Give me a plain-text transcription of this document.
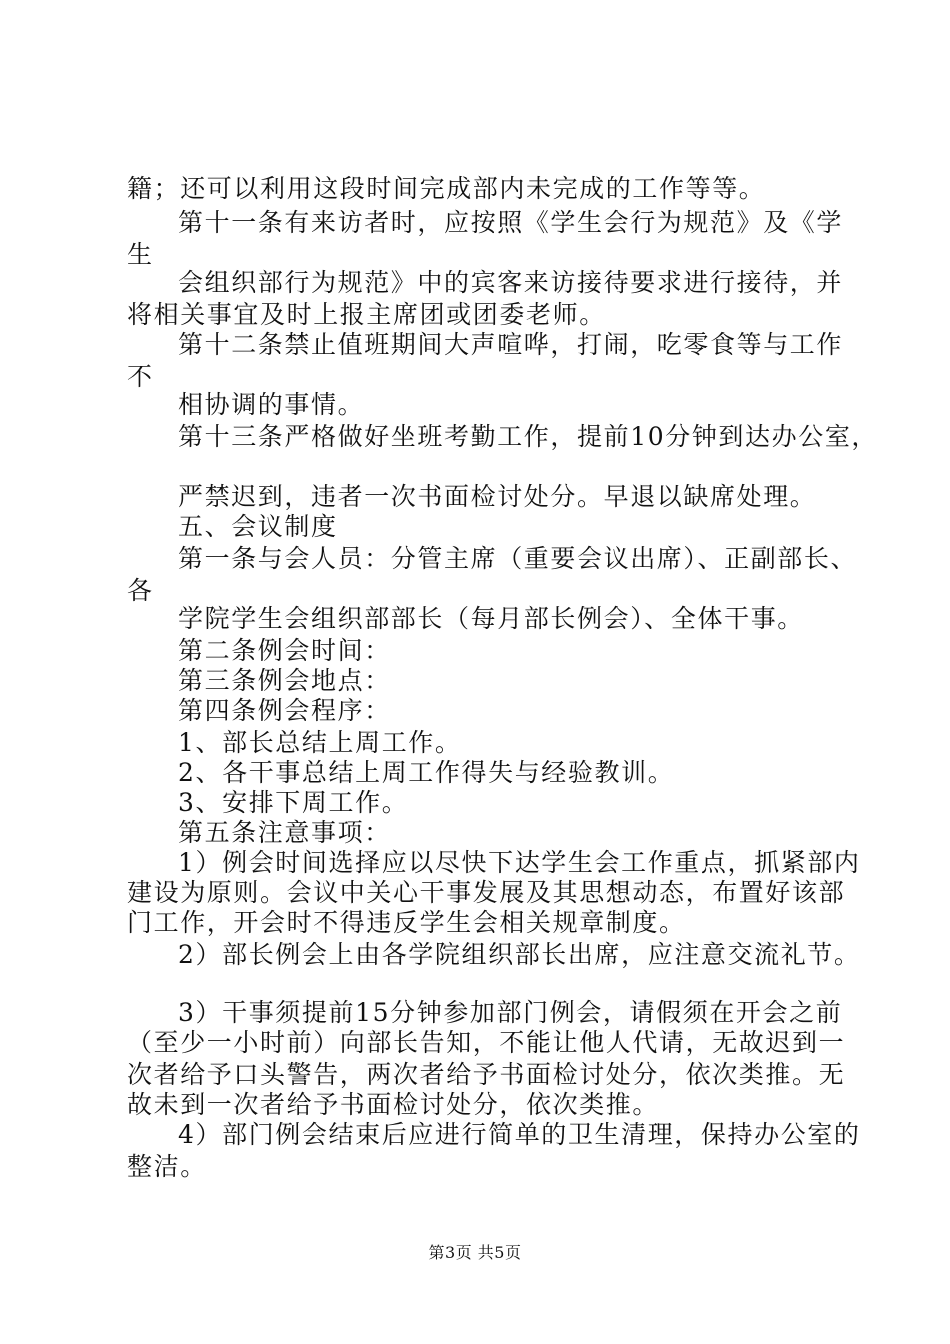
籍；还可以利用这段时间完成部内未完成的工作等等。
第十一条有来访者时，应按照《学生会行为规范》及《学
生
会组织部行为规范》中的宾客来访接待要求进行接待，并
将相关事宜及时上报主席团或团委老师。
第十二条禁止值班期间大声喧哗，打闹，吃零食等与工作
不
相协调的事情。
第十三条严格做好坐班考勤工作，提前10分钟到达办公室，
严禁迟到，违者一次书面检讨处分。早退以缺席处理。
五、会议制度
第一条与会人员：分管主席（重要会议出席）、正副部长、
各
学院学生会组织部部长（每月部长例会）、全体干事。
第二条例会时间：
第三条例会地点：
第四条例会程序：
1、部长总结上周工作。
2、各干事总结上周工作得失与经验教训。
3、安排下周工作。
第五条注意事项：
1）例会时间选择应以尽快下达学生会工作重点，抓紧部内
建设为原则。会议中关心干事发展及其思想动态，布置好该部
门工作，开会时不得违反学生会相关规章制度。
2）部长例会上由各学院组织部长出席，应注意交流礼节。
3）干事须提前15分钟参加部门例会，请假须在开会之前
（至少一小时前）向部长告知，不能让他人代请，无故迟到一
次者给予口头警告，两次者给予书面检讨处分，依次类推。无
故未到一次者给予书面检讨处分，依次类推。
4）部门例会结束后应进行简单的卫生清理，保持办公室的
整洁。
第3页 共5页
